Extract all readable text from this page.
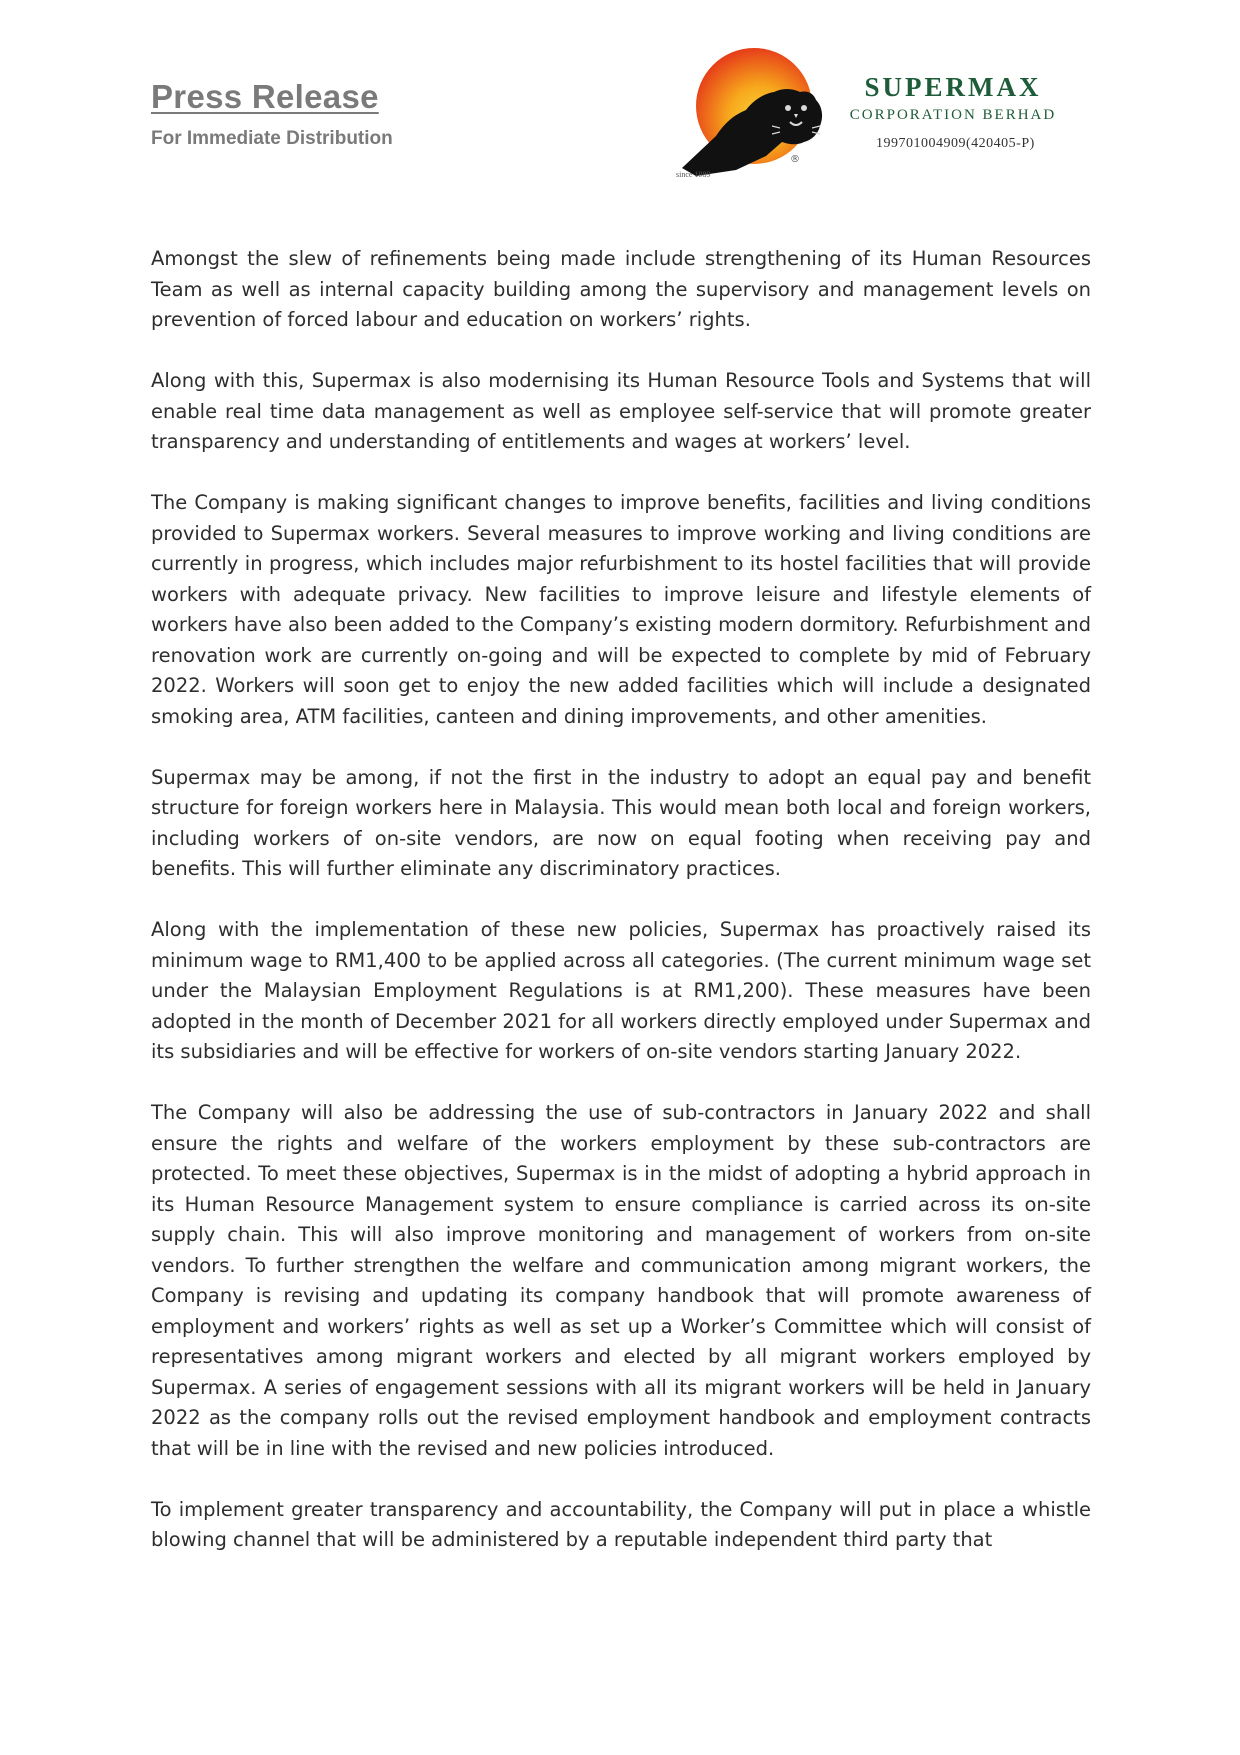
Press Release
For Immediate Distribution
since 1989
®
SUPERMAX
CORPORATION BERHAD
199701004909(420405-P)

Amongst the slew of refinements being made include strengthening of its Human Resources Team as well as internal capacity building among the supervisory and management levels on prevention of forced labour and education on workers’ rights.

Along with this, Supermax is also modernising its Human Resource Tools and Systems that will enable real time data management as well as employee self-service that will promote greater transparency and understanding of entitlements and wages at workers’ level.

The Company is making significant changes to improve benefits, facilities and living conditions provided to Supermax workers. Several measures to improve working and living conditions are currently in progress, which includes major refurbishment to its hostel facilities that will provide workers with adequate privacy. New facilities to improve leisure and lifestyle elements of workers have also been added to the Company’s existing modern dormitory. Refurbishment and renovation work are currently on-going and will be expected to complete by mid of February 2022. Workers will soon get to enjoy the new added facilities which will include a designated smoking area, ATM facilities, canteen and dining improvements, and other amenities.

Supermax may be among, if not the first in the industry to adopt an equal pay and benefit structure for foreign workers here in Malaysia. This would mean both local and foreign workers, including workers of on-site vendors, are now on equal footing when receiving pay and benefits. This will further eliminate any discriminatory practices.

Along with the implementation of these new policies, Supermax has proactively raised its minimum wage to RM1,400 to be applied across all categories. (The current minimum wage set under the Malaysian Employment Regulations is at RM1,200). These measures have been adopted in the month of December 2021 for all workers directly employed under Supermax and its subsidiaries and will be effective for workers of on-site vendors starting January 2022.

The Company will also be addressing the use of sub-contractors in January 2022 and shall ensure the rights and welfare of the workers employment by these sub-contractors are protected. To meet these objectives, Supermax is in the midst of adopting a hybrid approach in its Human Resource Management system to ensure compliance is carried across its on-site supply chain. This will also improve monitoring and management of workers from on-site vendors. To further strengthen the welfare and communication among migrant workers, the Company is revising and updating its company handbook that will promote awareness of employment and workers’ rights as well as set up a Worker’s Committee which will consist of representatives among migrant workers and elected by all migrant workers employed by Supermax. A series of engagement sessions with all its migrant workers will be held in January 2022 as the company rolls out the revised employment handbook and employment contracts that will be in line with the revised and new policies introduced.

To implement greater transparency and accountability, the Company will put in place a whistle blowing channel that will be administered by a reputable independent third party that
